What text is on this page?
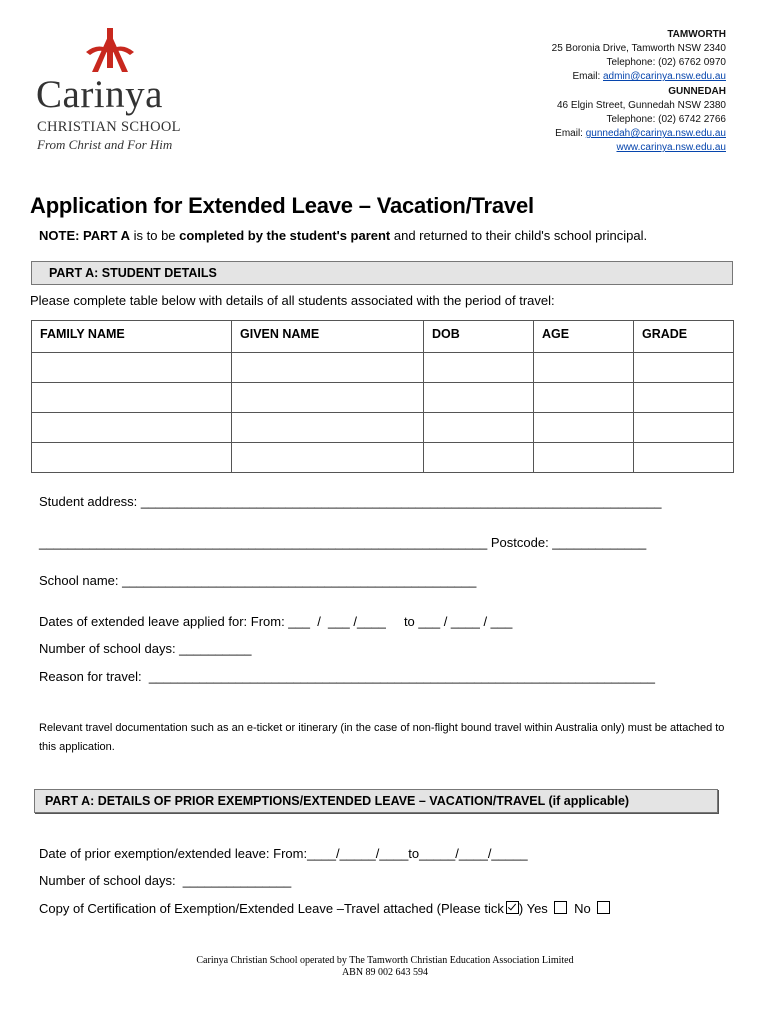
Carinya
CHRISTIAN SCHOOL
From Christ and For Him
TAMWORTH
25 Boronia Drive, Tamworth NSW 2340
Telephone: (02) 6762 0970
Email: admin@carinya.nsw.edu.au
GUNNEDAH
46 Elgin Street, Gunnedah NSW 2380
Telephone: (02) 6742 2766
Email: gunnedah@carinya.nsw.edu.au
www.carinya.nsw.edu.au
Application for Extended Leave – Vacation/Travel
NOTE: PART A is to be completed by the student's parent and returned to their child's school principal.
PART A: STUDENT DETAILS
Please complete table below with details of all students associated with the period of travel:
FAMILY NAME	GIVEN NAME	DOB	AGE	GRADE

Student address: ________________________________________________________________________
______________________________________________________________ Postcode: _____________
School name: _________________________________________________
Dates of extended leave applied for: From: ___  /  ___ /____     to ___ / ____ / ___
Number of school days: __________
Reason for travel:  ______________________________________________________________________
Relevant travel documentation such as an e-ticket or itinerary (in the case of non-flight bound travel within Australia only) must be attached to this application.
PART A: DETAILS OF PRIOR EXEMPTIONS/EXTENDED LEAVE – VACATION/TRAVEL (if applicable)
Date of prior exemption/extended leave: From:____/_____/____to_____/____/_____
Number of school days:  _______________
Copy of Certification of Exemption/Extended Leave –Travel attached (Please tick ) Yes No
Carinya Christian School operated by The Tamworth Christian Education Association Limited
ABN 89 002 643 594
